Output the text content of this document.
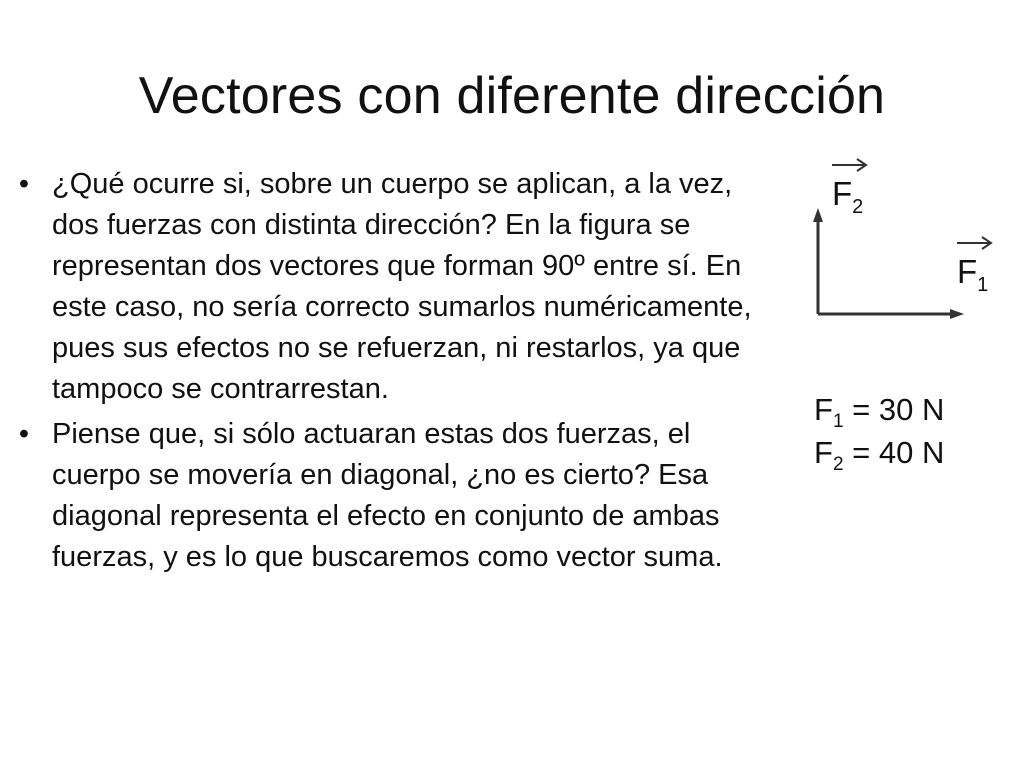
Vectores con diferente dirección
• ¿Qué ocurre si, sobre un cuerpo se aplican, a la vez, dos fuerzas con distinta dirección? En la figura se representan dos vectores que forman 90º entre sí. En este caso, no sería correcto sumarlos numéricamente, pues sus efectos no se refuerzan, ni restarlos, ya que tampoco se contrarrestan.
• Piense que, si sólo actuaran estas dos fuerzas, el cuerpo se movería en diagonal, ¿no es cierto? Esa diagonal representa el efecto en conjunto de ambas fuerzas, y es lo que buscaremos como vector suma.
$F_2$
$F_1$
$F_1 = 30$ N
$F_2 = 40$ N
